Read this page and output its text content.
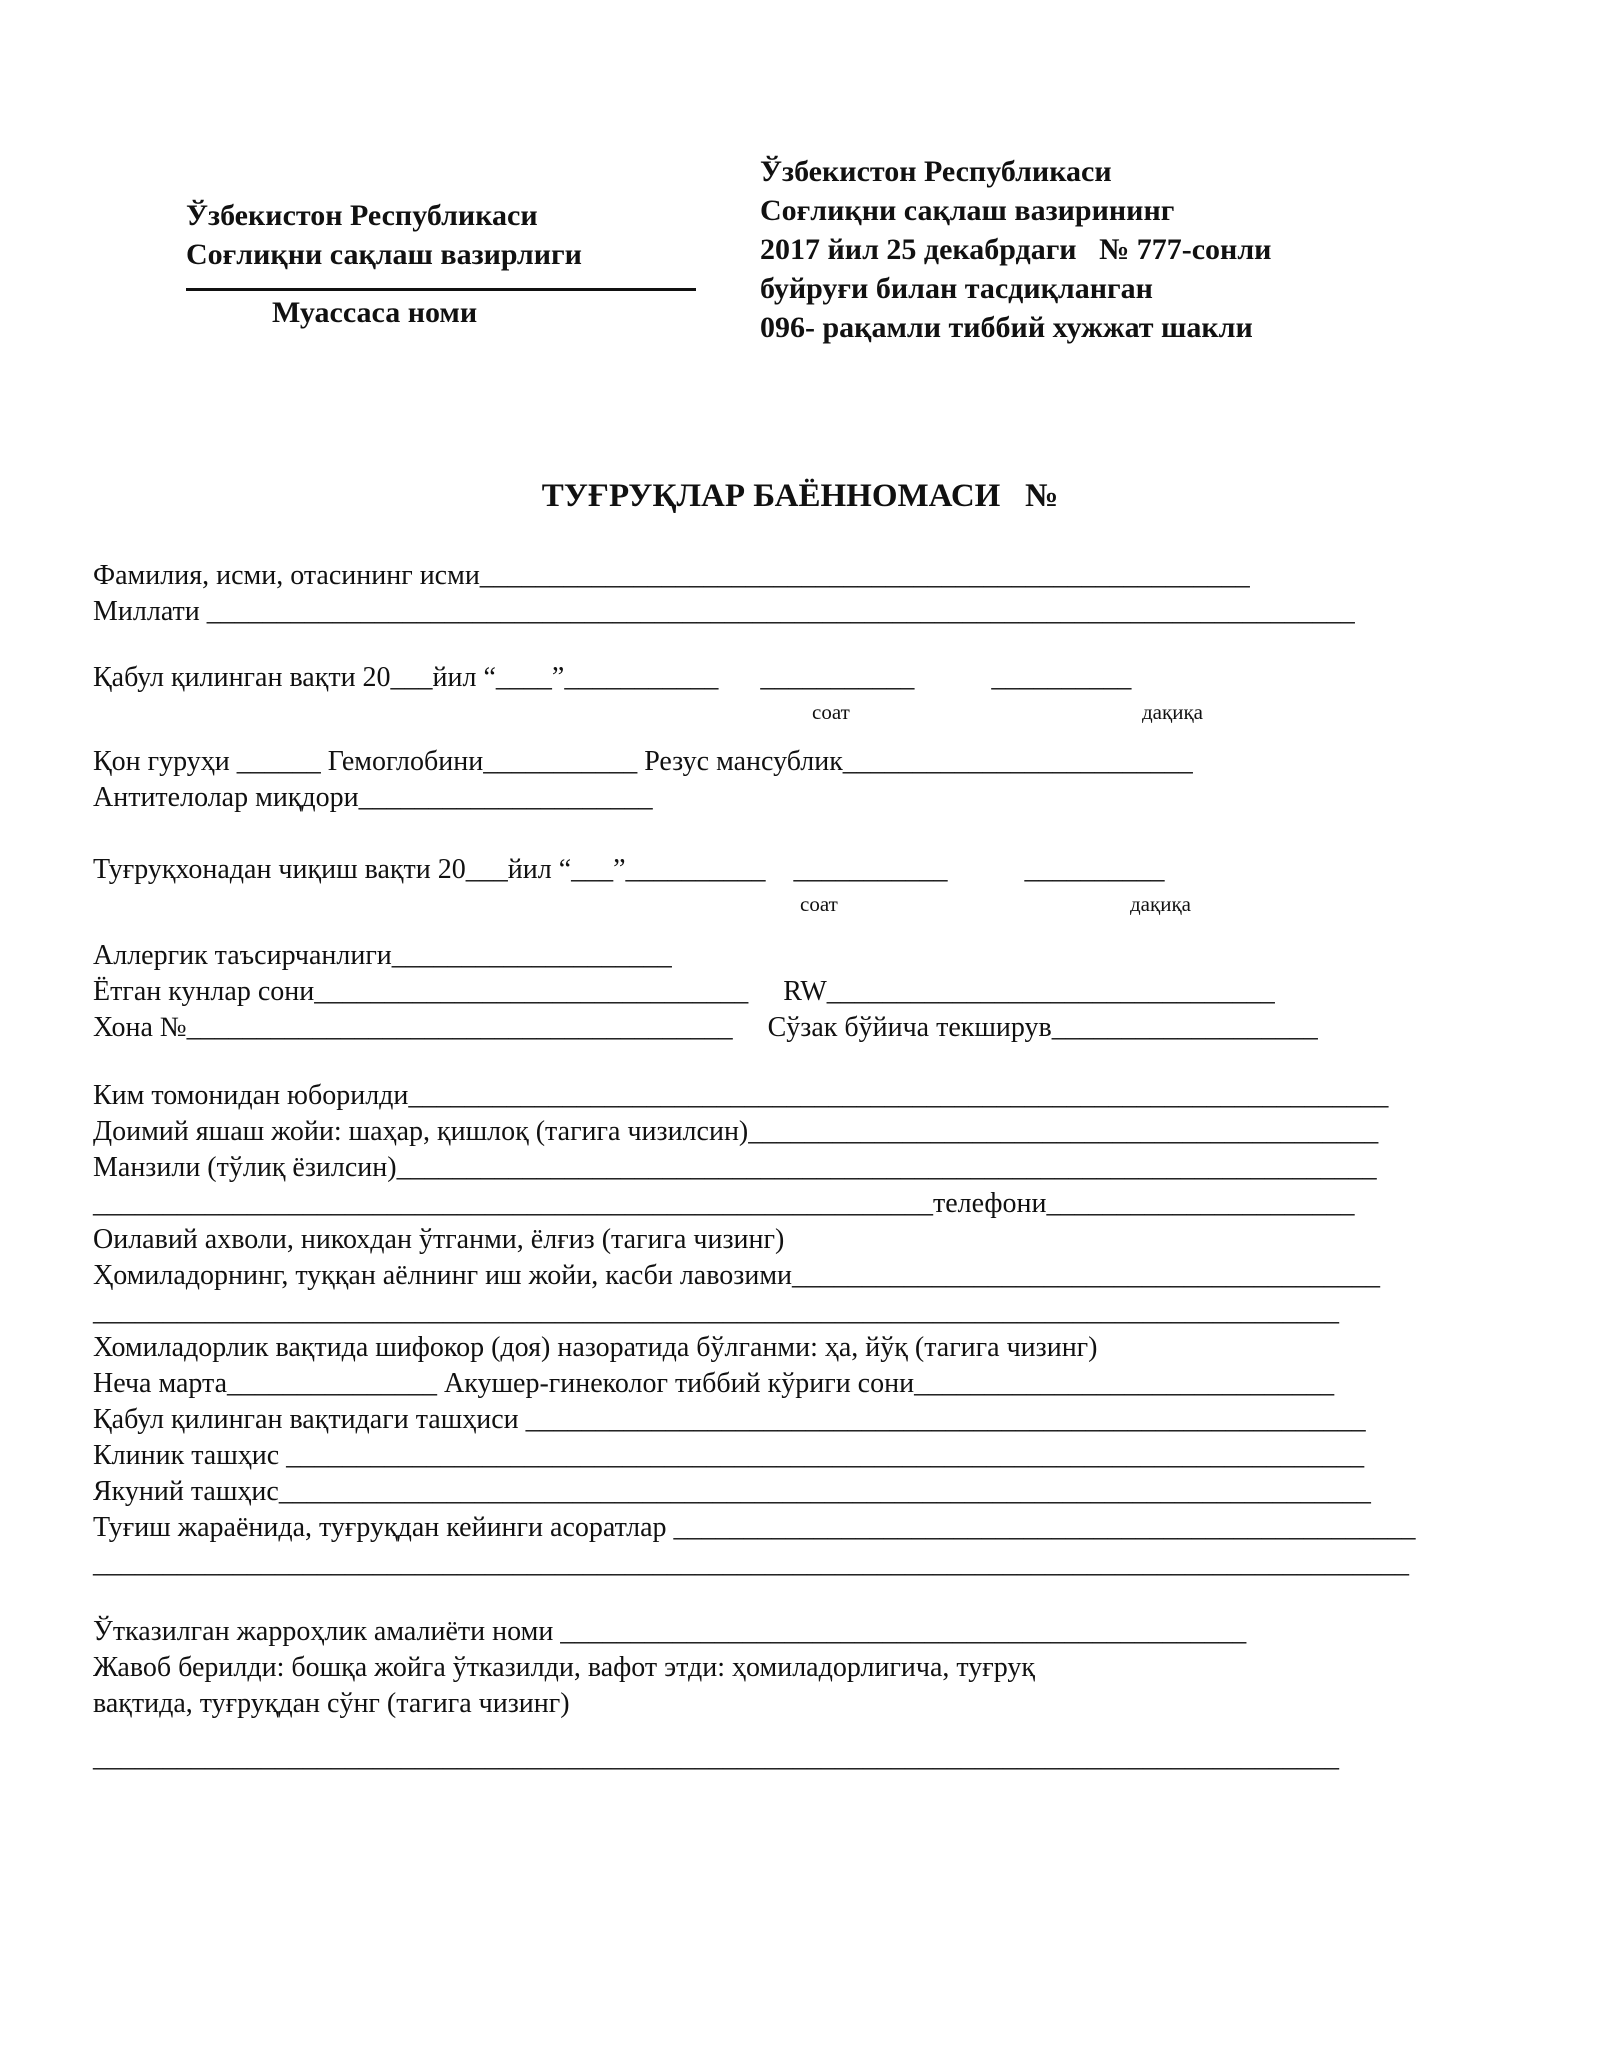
Ўзбекистон Республикаси
Соғлиқни сақлаш вазирлиги
Муассаса номи
Ўзбекистон Республикаси
Соғлиқни сақлаш вазирининг
2017 йил 25 декабрдаги   № 777-сонли
буйруғи билан тасдиқланган
096- рақамли тиббий хужжат шакли
ТУҒРУҚЛАР БАЁННОМАСИ   №
Фамилия, исми, отасининг исми_______________________________________________________
Миллати __________________________________________________________________________________
Қабул қилинган вақти 20___йил “____”___________      ___________           __________
соат	дақиқа
Қон гуруҳи ______ Гемоглобини___________ Резус мансублик_________________________
Антителолар миқдори_____________________
Туғруқхонадан чиқиш вақти 20___йил “___”__________    ___________           __________
соат	дақиқа
Аллергик таъсирчанлиги____________________
Ётган кунлар сони_______________________________     RW________________________________
Хона №_______________________________________     Сўзак бўйича текширув___________________
Ким томонидан юборилди______________________________________________________________________
Доимий яшаш жойи: шаҳар, қишлоқ (тагига чизилсин)_____________________________________________
Манзили (тўлиқ ёзилсин)______________________________________________________________________
____________________________________________________________телефони______________________
Оилавий ахволи, никохдан ўтганми, ёлғиз (тагига чизинг)
Ҳомиладорнинг, туққан аёлнинг иш жойи, касби лавозими__________________________________________
_________________________________________________________________________________________
Хомиладорлик вақтида шифокор (доя) назоратида бўлганми: ҳа, йўқ (тагига чизинг)
Неча марта_______________ Акушер-гинеколог тиббий кўриги сони______________________________
Қабул қилинган вақтидаги ташҳиси ____________________________________________________________
Клиник ташҳис _____________________________________________________________________________
Якуний ташҳис______________________________________________________________________________
Туғиш жараёнида, туғруқдан кейинги асоратлар _____________________________________________________
______________________________________________________________________________________________
Ўтказилган жарроҳлик амалиёти номи _________________________________________________
Жавоб берилди: бошқа жойга ўтказилди, вафот этди: ҳомиладорлигича, туғруқ
вақтида, туғруқдан сўнг (тагига чизинг)
_________________________________________________________________________________________
